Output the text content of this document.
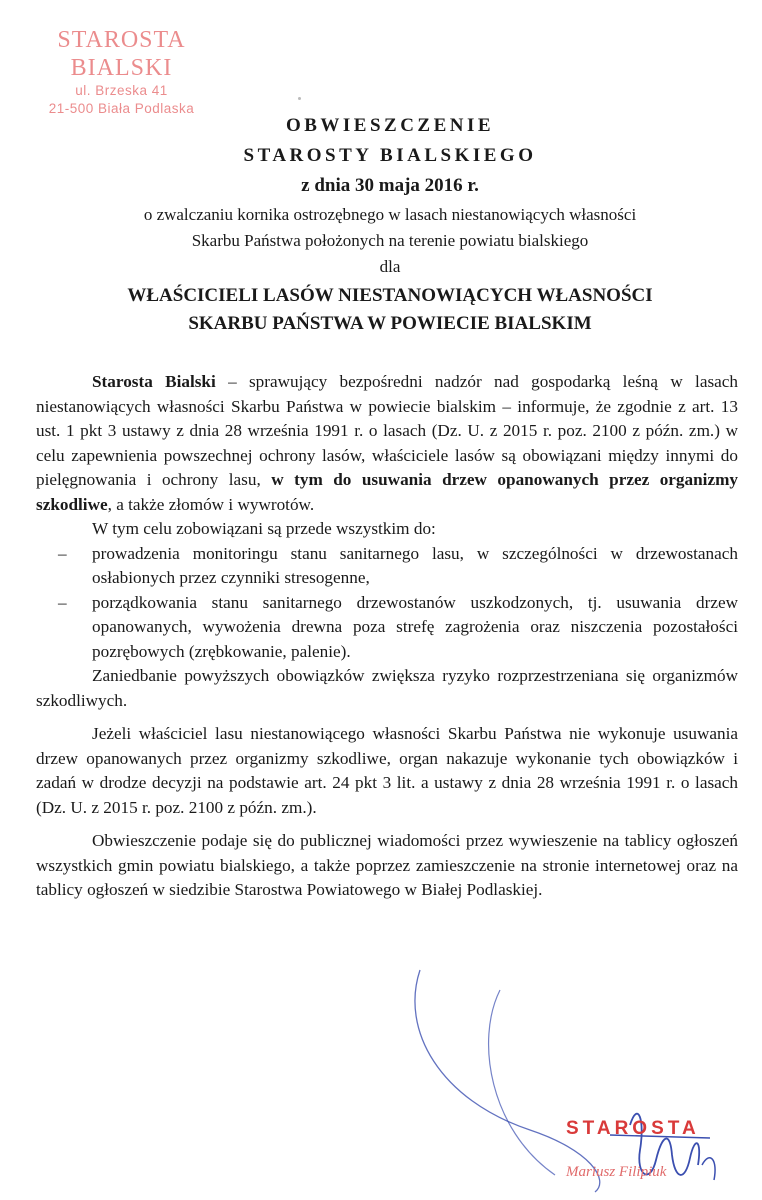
STAROSTA BIALSKI
ul. Brzeska 41
21-500 Biała Podlaska
OBWIESZCZENIE
STAROSTY BIALSKIEGO
z dnia 30 maja 2016 r.
o zwalczaniu kornika ostrozębnego w lasach niestanowiących własności
Skarbu Państwa położonych na terenie powiatu bialskiego
dla
WŁAŚCICIELI LASÓW NIESTANOWIĄCYCH WŁASNOŚCI
SKARBU PAŃSTWA W POWIECIE BIALSKIM

Starosta Bialski – sprawujący bezpośredni nadzór nad gospodarką leśną w lasach niestanowiących własności Skarbu Państwa w powiecie bialskim – informuje, że zgodnie z art. 13 ust. 1 pkt 3 ustawy z dnia 28 września 1991 r. o lasach (Dz. U. z 2015 r. poz. 2100 z późn. zm.) w celu zapewnienia powszechnej ochrony lasów, właściciele lasów są obowiązani między innymi do pielęgnowania i ochrony lasu, w tym do usuwania drzew opanowanych przez organizmy szkodliwe, a także złomów i wywrotów.

W tym celu zobowiązani są przede wszystkim do:

–	prowadzenia monitoringu stanu sanitarnego lasu, w szczególności w drzewostanach osłabionych przez czynniki stresogenne,
–	porządkowania stanu sanitarnego drzewostanów uszkodzonych, tj. usuwania drzew opanowanych, wywożenia drewna poza strefę zagrożenia oraz niszczenia pozostałości pozrębowych (zrębkowanie, palenie).

Zaniedbanie powyższych obowiązków zwiększa ryzyko rozprzestrzeniana się organizmów szkodliwych.

Jeżeli właściciel lasu niestanowiącego własności Skarbu Państwa nie wykonuje usuwania drzew opanowanych przez organizmy szkodliwe, organ nakazuje wykonanie tych obowiązków i zadań w drodze decyzji na podstawie art. 24 pkt 3 lit. a ustawy z dnia 28 września 1991 r. o lasach (Dz. U. z 2015 r. poz. 2100 z późn. zm.).

Obwieszczenie podaje się do publicznej wiadomości przez wywieszenie na tablicy ogłoszeń wszystkich gmin powiatu bialskiego, a także poprzez zamieszczenie na stronie internetowej oraz na tablicy ogłoszeń w siedzibie Starostwa Powiatowego w Białej Podlaskiej.

STAROSTA
Mariusz Filipiuk
